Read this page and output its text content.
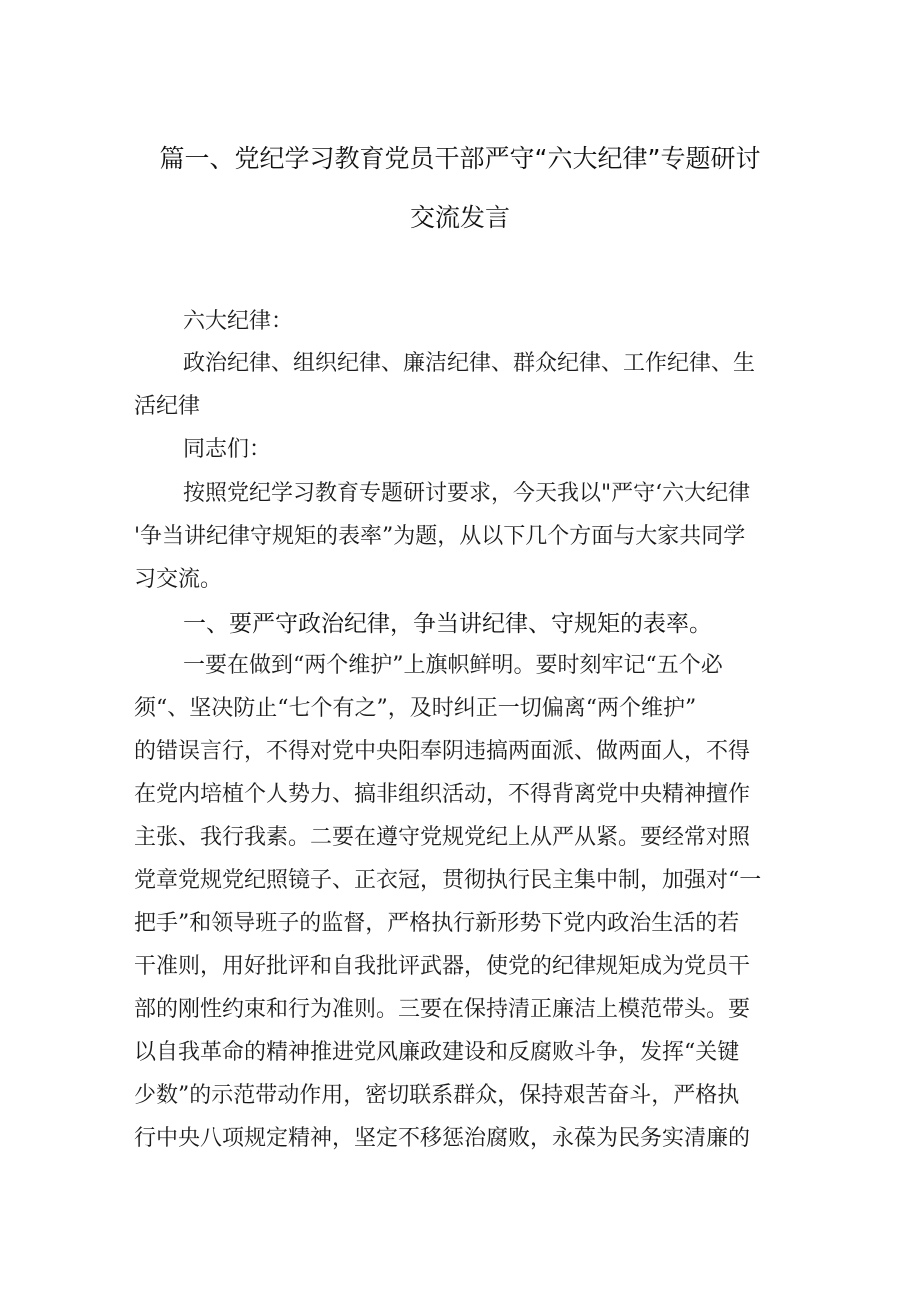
篇一、党纪学习教育党员干部严守“六大纪律”专题研讨
交流发言
六大纪律：
政治纪律、组织纪律、廉洁纪律、群众纪律、工作纪律、生
活纪律
同志们：
按照党纪学习教育专题研讨要求，今天我以"严守‘六大纪律
'争当讲纪律守规矩的表率”为题，从以下几个方面与大家共同学
习交流。
一、要严守政治纪律，争当讲纪律、守规矩的表率。
一要在做到“两个维护”上旗帜鲜明。要时刻牢记“五个必
须“、坚决防止“七个有之”，及时纠正一切偏离“两个维护”
的错误言行，不得对党中央阳奉阴违搞两面派、做两面人，不得
在党内培植个人势力、搞非组织活动，不得背离党中央精神擅作
主张、我行我素。二要在遵守党规党纪上从严从紧。要经常对照
党章党规党纪照镜子、正衣冠，贯彻执行民主集中制，加强对“一
把手”和领导班子的监督，严格执行新形势下党内政治生活的若
干准则，用好批评和自我批评武器，使党的纪律规矩成为党员干
部的刚性约束和行为准则。三要在保持清正廉洁上模范带头。要
以自我革命的精神推进党风廉政建设和反腐败斗争，发挥“关键
少数”的示范带动作用，密切联系群众，保持艰苦奋斗，严格执
行中央八项规定精神，坚定不移惩治腐败，永葆为民务实清廉的
